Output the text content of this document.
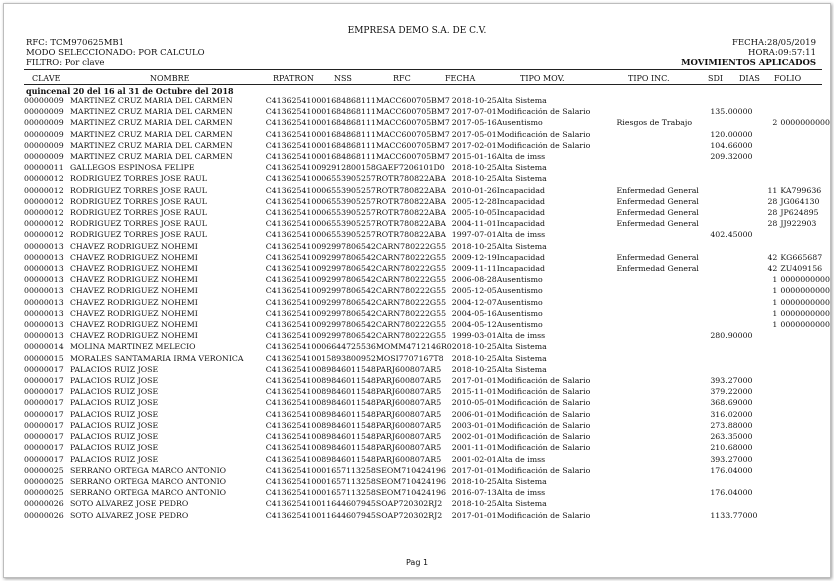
EMPRESA DEMO S.A. DE C.V.
RFC: TCM970625MB1
MODO SELECCIONADO: POR CALCULO
FILTRO: Por clave
FECHA:28/05/2019
HORA:09:57:11
MOVIMIENTOS APLICADOS
CLAVE	NOMBRE	RPATRON	NSS	RFC	FECHA	TIPO MOV.	TIPO INC.	SDI DIAS FOLIO
quincenal 20 del 16 al 31 de Octubre del 2018
00000009	MARTINEZ CRUZ MARIA DEL CARMEN	C4136254100	01684868111	MACC600705BM7	2018-10-25	Alta Sistema				
00000009	MARTINEZ CRUZ MARIA DEL CARMEN	C4136254100	01684868111	MACC600705BM7	2017-07-01	Modificación de Salario		135.00000		
00000009	MARTINEZ CRUZ MARIA DEL CARMEN	C4136254100	01684868111	MACC600705BM7	2017-05-16	Ausentismo	Riesgos de Trabajo		2	0000000000
00000009	MARTINEZ CRUZ MARIA DEL CARMEN	C4136254100	01684868111	MACC600705BM7	2017-05-01	Modificación de Salario		120.00000		
00000009	MARTINEZ CRUZ MARIA DEL CARMEN	C4136254100	01684868111	MACC600705BM7	2017-02-01	Modificación de Salario		104.66000		
00000009	MARTINEZ CRUZ MARIA DEL CARMEN	C4136254100	01684868111	MACC600705BM7	2015-01-16	Alta de imss		209.32000		
00000011	GALLEGOS ESPINOSA FELIPE	C4136254100	92912800158	GAEF7206101D0	2018-10-25	Alta Sistema				
00000012	RODRIGUEZ TORRES JOSE RAUL	C4136254100	06553905257	ROTR780822ABA	2018-10-25	Alta Sistema				
00000012	RODRIGUEZ TORRES JOSE RAUL	C4136254100	06553905257	ROTR780822ABA	2010-01-26	Incapacidad	Enfermedad General		11	KA799636
00000012	RODRIGUEZ TORRES JOSE RAUL	C4136254100	06553905257	ROTR780822ABA	2005-12-28	Incapacidad	Enfermedad General		28	JG064130
00000012	RODRIGUEZ TORRES JOSE RAUL	C4136254100	06553905257	ROTR780822ABA	2005-10-05	Incapacidad	Enfermedad General		28	JP624895
00000012	RODRIGUEZ TORRES JOSE RAUL	C4136254100	06553905257	ROTR780822ABA	2004-11-01	Incapacidad	Enfermedad General		28	JJ922903
00000012	RODRIGUEZ TORRES JOSE RAUL	C4136254100	06553905257	ROTR780822ABA	1997-07-01	Alta de imss		402.45000		
00000013	CHAVEZ RODRIGUEZ NOHEMI	C4136254100	92997806542	CARN780222G55	2018-10-25	Alta Sistema				
00000013	CHAVEZ RODRIGUEZ NOHEMI	C4136254100	92997806542	CARN780222G55	2009-12-19	Incapacidad	Enfermedad General		42	KG665687
00000013	CHAVEZ RODRIGUEZ NOHEMI	C4136254100	92997806542	CARN780222G55	2009-11-11	Incapacidad	Enfermedad General		42	ZU409156
00000013	CHAVEZ RODRIGUEZ NOHEMI	C4136254100	92997806542	CARN780222G55	2006-08-28	Ausentismo			1	0000000000
00000013	CHAVEZ RODRIGUEZ NOHEMI	C4136254100	92997806542	CARN780222G55	2005-12-05	Ausentismo			1	0000000000
00000013	CHAVEZ RODRIGUEZ NOHEMI	C4136254100	92997806542	CARN780222G55	2004-12-07	Ausentismo			1	0000000000
00000013	CHAVEZ RODRIGUEZ NOHEMI	C4136254100	92997806542	CARN780222G55	2004-05-16	Ausentismo			1	0000000000
00000013	CHAVEZ RODRIGUEZ NOHEMI	C4136254100	92997806542	CARN780222G55	2004-05-12	Ausentismo			1	0000000000
00000013	CHAVEZ RODRIGUEZ NOHEMI	C4136254100	92997806542	CARN780222G55	1999-03-01	Alta de imss		280.90000		
00000014	MOLINA MARTINEZ MELECIO	C4136254100	06644725536	MOMM4712146R0	2018-10-25	Alta Sistema				
00000015	MORALES SANTAMARIA IRMA VERONICA	C4136254100	15893800952	MOSI7707167T8	2018-10-25	Alta Sistema				
00000017	PALACIOS RUIZ JOSE	C4136254100	89846011548	PARJ600807AR5	2018-10-25	Alta Sistema				
00000017	PALACIOS RUIZ JOSE	C4136254100	89846011548	PARJ600807AR5	2017-01-01	Modificación de Salario		393.27000		
00000017	PALACIOS RUIZ JOSE	C4136254100	89846011548	PARJ600807AR5	2015-11-01	Modificación de Salario		379.22000		
00000017	PALACIOS RUIZ JOSE	C4136254100	89846011548	PARJ600807AR5	2010-05-01	Modificación de Salario		368.69000		
00000017	PALACIOS RUIZ JOSE	C4136254100	89846011548	PARJ600807AR5	2006-01-01	Modificación de Salario		316.02000		
00000017	PALACIOS RUIZ JOSE	C4136254100	89846011548	PARJ600807AR5	2003-01-01	Modificación de Salario		273.88000		
00000017	PALACIOS RUIZ JOSE	C4136254100	89846011548	PARJ600807AR5	2002-01-01	Modificación de Salario		263.35000		
00000017	PALACIOS RUIZ JOSE	C4136254100	89846011548	PARJ600807AR5	2001-11-01	Modificación de Salario		210.68000		
00000017	PALACIOS RUIZ JOSE	C4136254100	89846011548	PARJ600807AR5	2001-02-01	Alta de imss		393.27000		
00000025	SERRANO ORTEGA MARCO ANTONIO	C4136254100	01657113258	SEOM710424196	2017-01-01	Modificación de Salario		176.04000		
00000025	SERRANO ORTEGA MARCO ANTONIO	C4136254100	01657113258	SEOM710424196	2018-10-25	Alta Sistema				
00000025	SERRANO ORTEGA MARCO ANTONIO	C4136254100	01657113258	SEOM710424196	2016-07-13	Alta de imss		176.04000		
00000026	SOTO ALVAREZ JOSE PEDRO	C4136254100	11644607945	SOAP720302RJ2	2018-10-25	Alta Sistema				
00000026	SOTO ALVAREZ JOSE PEDRO	C4136254100	11644607945	SOAP720302RJ2	2017-01-01	Modificación de Salario		1133.77000		
Pag 1
